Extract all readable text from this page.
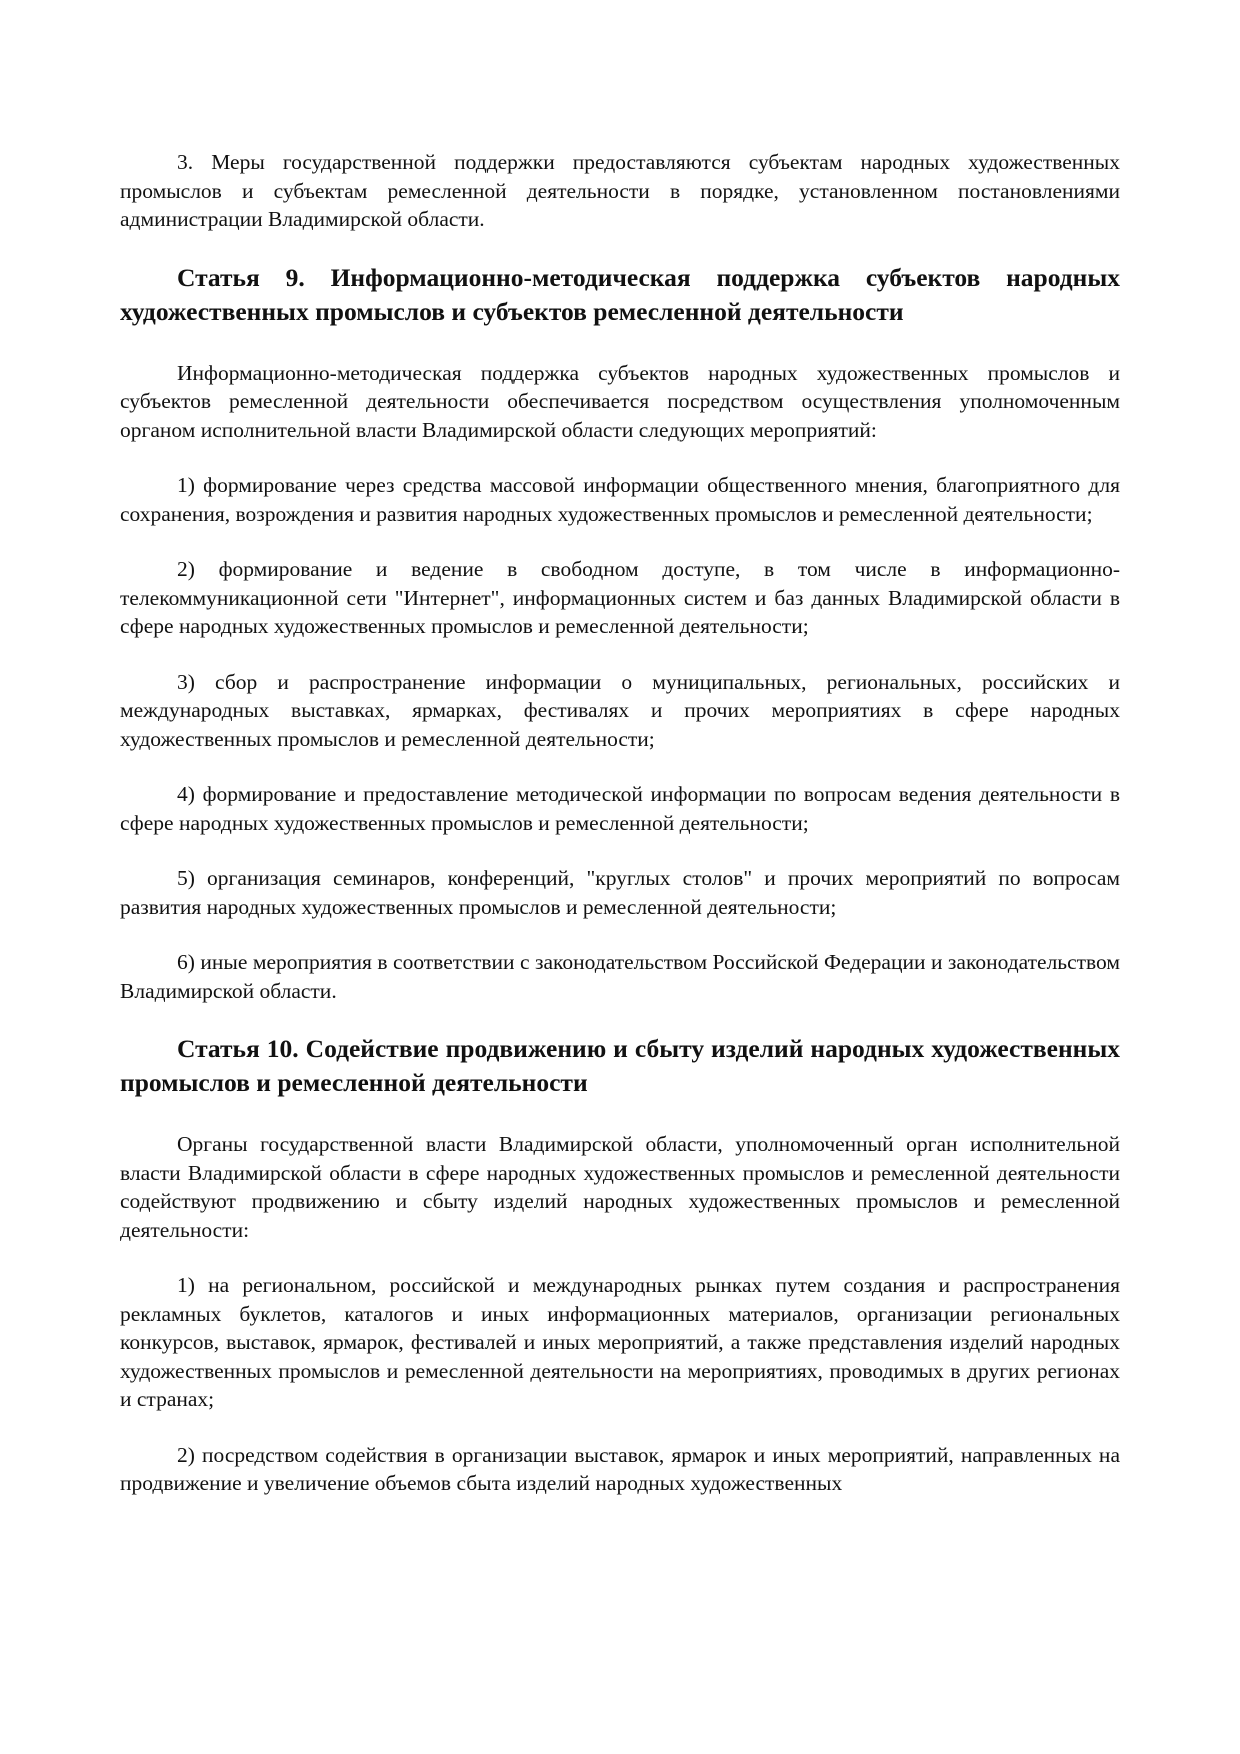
3. Меры государственной поддержки предоставляются субъектам народных художественных промыслов и субъектам ремесленной деятельности в порядке, установленном постановлениями администрации Владимирской области.

Статья 9. Информационно-методическая поддержка субъектов народных художественных промыслов и субъектов ремесленной деятельности

Информационно-методическая поддержка субъектов народных художественных промыслов и субъектов ремесленной деятельности обеспечивается посредством осуществления уполномоченным органом исполнительной власти Владимирской области следующих мероприятий:

1) формирование через средства массовой информации общественного мнения, благоприятного для сохранения, возрождения и развития народных художественных промыслов и ремесленной деятельности;

2) формирование и ведение в свободном доступе, в том числе в информационно-телекоммуникационной сети "Интернет", информационных систем и баз данных Владимирской области в сфере народных художественных промыслов и ремесленной деятельности;

3) сбор и распространение информации о муниципальных, региональных, российских и международных выставках, ярмарках, фестивалях и прочих мероприятиях в сфере народных художественных промыслов и ремесленной деятельности;

4) формирование и предоставление методической информации по вопросам ведения деятельности в сфере народных художественных промыслов и ремесленной деятельности;

5) организация семинаров, конференций, "круглых столов" и прочих мероприятий по вопросам развития народных художественных промыслов и ремесленной деятельности;

6) иные мероприятия в соответствии с законодательством Российской Федерации и законодательством Владимирской области.

Статья 10. Содействие продвижению и сбыту изделий народных художественных промыслов и ремесленной деятельности

Органы государственной власти Владимирской области, уполномоченный орган исполнительной власти Владимирской области в сфере народных художественных промыслов и ремесленной деятельности содействуют продвижению и сбыту изделий народных художественных промыслов и ремесленной деятельности:

1) на региональном, российской и международных рынках путем создания и распространения рекламных буклетов, каталогов и иных информационных материалов, организации региональных конкурсов, выставок, ярмарок, фестивалей и иных мероприятий, а также представления изделий народных художественных промыслов и ремесленной деятельности на мероприятиях, проводимых в других регионах и странах;

2) посредством содействия в организации выставок, ярмарок и иных мероприятий, направленных на продвижение и увеличение объемов сбыта изделий народных художественных
